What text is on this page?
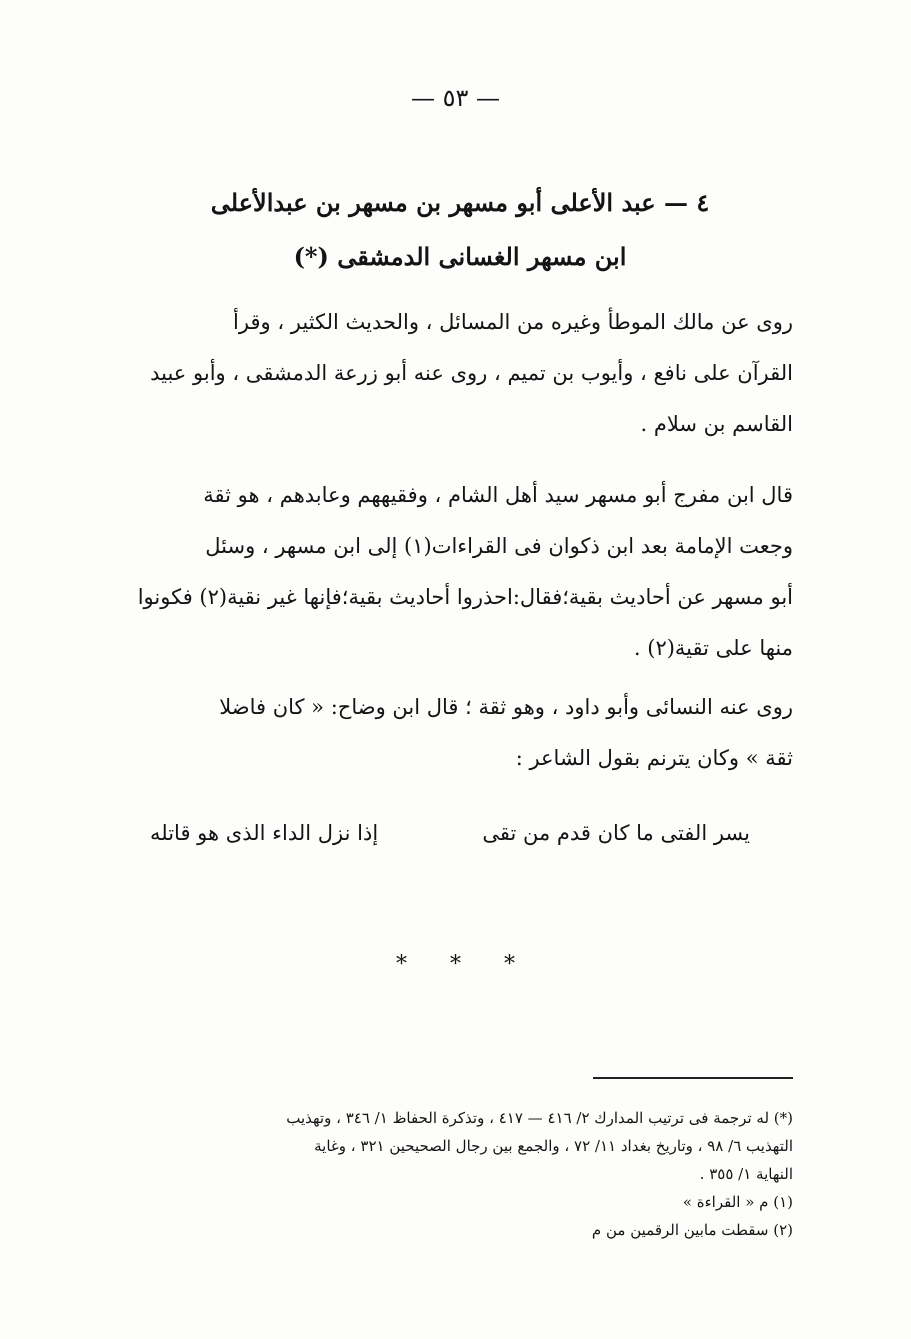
— ٥٣ —
٤ — عبد الأعلى أبو مسهر بن مسهر بن عبدالأعلى
ابن مسهر الغسانى الدمشقى (*)
روى عن مالك الموطأ وغيره من المسائل ، والحديث الكثير ، وقرأ
القرآن على نافع ، وأيوب بن تميم ، روى عنه أبو زرعة الدمشقى ، وأبو عبيد
القاسم بن سلام .
قال ابن مفرج أبو مسهر سيد أهل الشام ، وفقيههم وعابدهم ، هو ثقة
وجعت الإمامة بعد ابن ذكوان فى القراءات(١) إلى ابن مسهر ، وسئل
أبو مسهر عن أحاديث بقية؛فقال:احذروا أحاديث بقية؛فإنها غير نقية(٢) فكونوا
منها على تقية(٢) .
روى عنه النسائى وأبو داود ، وهو ثقة ؛ قال ابن وضاح: « كان فاضلا
ثقة » وكان يترنم بقول الشاعر :
يسر الفتى ما كان قدم من تقى
إذا نزل الداء الذى هو قاتله
* * *
(*) له ترجمة فى ترتيب المدارك ٢/ ٤١٦ — ٤١٧ ، وتذكرة الحفاظ ١/ ٣٤٦ ، وتهذيب
التهذيب ٦/ ٩٨ ، وتاريخ بغداد ١١/ ٧٢ ، والجمع بين رجال الصحيحين ٣٢١ ، وغاية
النهاية ١/ ٣٥٥ .
(١) م « القراءة »
(٢) سقطت مابين الرقمين من م
